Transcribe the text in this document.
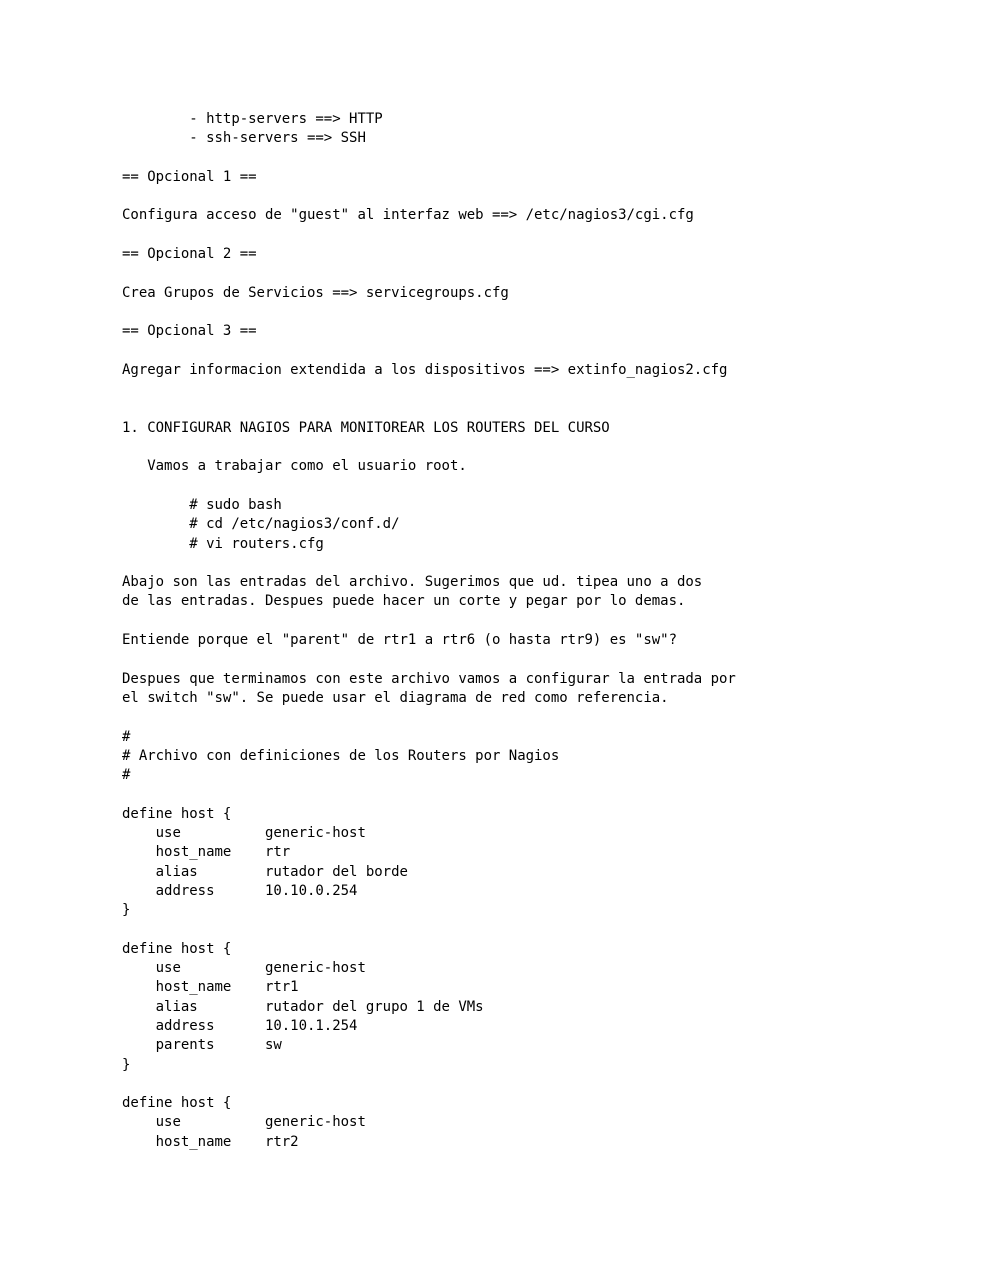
- http-servers ==> HTTP
- ssh-servers ==> SSH

== Opcional 1 ==

Configura acceso de "guest" al interfaz web ==> /etc/nagios3/cgi.cfg

== Opcional 2 ==

Crea Grupos de Servicios ==> servicegroups.cfg

== Opcional 3 ==

Agregar informacion extendida a los dispositivos ==> extinfo_nagios2.cfg

1. CONFIGURAR NAGIOS PARA MONITOREAR LOS ROUTERS DEL CURSO

Vamos a trabajar como el usuario root.

# sudo bash
# cd /etc/nagios3/conf.d/
# vi routers.cfg

Abajo son las entradas del archivo. Sugerimos que ud. tipea uno a dos
de las entradas. Despues puede hacer un corte y pegar por lo demas.

Entiende porque el "parent" de rtr1 a rtr6 (o hasta rtr9) es "sw"?

Despues que terminamos con este archivo vamos a configurar la entrada por
el switch "sw". Se puede usar el diagrama de red como referencia.

#
# Archivo con definiciones de los Routers por Nagios
#

define host {
use          generic-host
host_name    rtr
alias        rutador del borde
address      10.10.0.254
}

define host {
use          generic-host
host_name    rtr1
alias        rutador del grupo 1 de VMs
address      10.10.1.254
parents      sw
}

define host {
use          generic-host
host_name    rtr2
